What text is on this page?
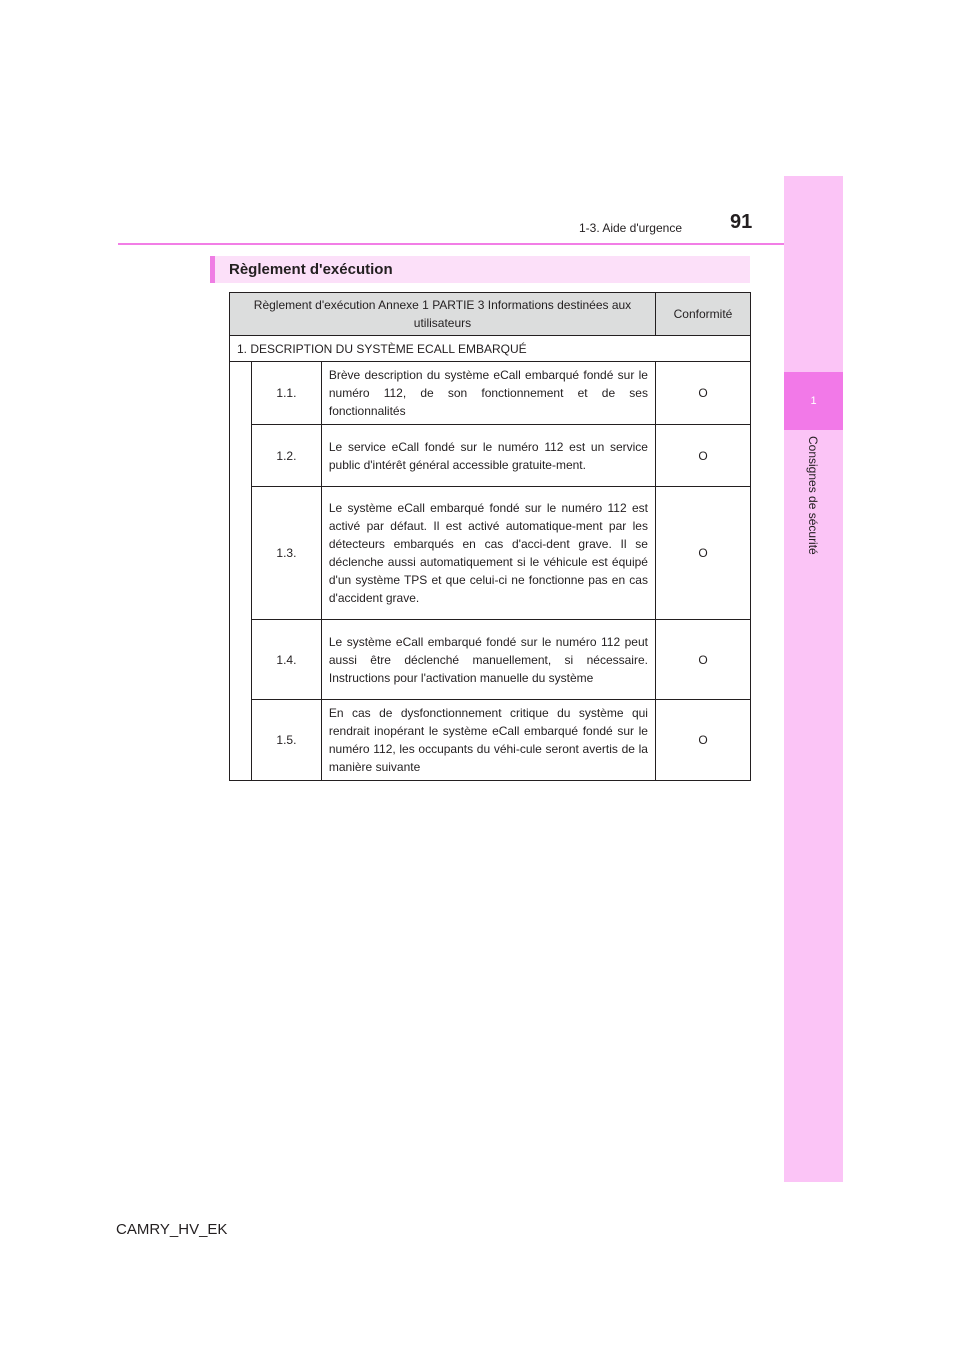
1
Consignes de sécurité
91
1-3. Aide d'urgence
Règlement d'exécution
Règlement d'exécution Annexe 1 PARTIE 3 Informations destinées aux utilisateurs			Conformité
1. DESCRIPTION DU SYSTÈME ECALL EMBARQUÉ			
	1.1.	Brève description du système eCall embarqué fondé sur le numéro 112, de son fonctionnement et de ses fonctionnalités	O
	1.2.	Le service eCall fondé sur le numéro 112 est un service public d'intérêt général accessible gratuite-ment.	O
	1.3.	Le système eCall embarqué fondé sur le numéro 112 est activé par défaut. Il est activé automatique-ment par les détecteurs embarqués en cas d'acci-dent grave. Il se déclenche aussi automatiquement si le véhicule est équipé d'un système TPS et que celui-ci ne fonctionne pas en cas d'accident grave.	O
	1.4.	Le système eCall embarqué fondé sur le numéro 112 peut aussi être déclenché manuellement, si nécessaire. Instructions pour l'activation manuelle du système	O
	1.5.	En cas de dysfonctionnement critique du système qui rendrait inopérant le système eCall embarqué fondé sur le numéro 112, les occupants du véhi-cule seront avertis de la manière suivante	O
CAMRY_HV_EK
